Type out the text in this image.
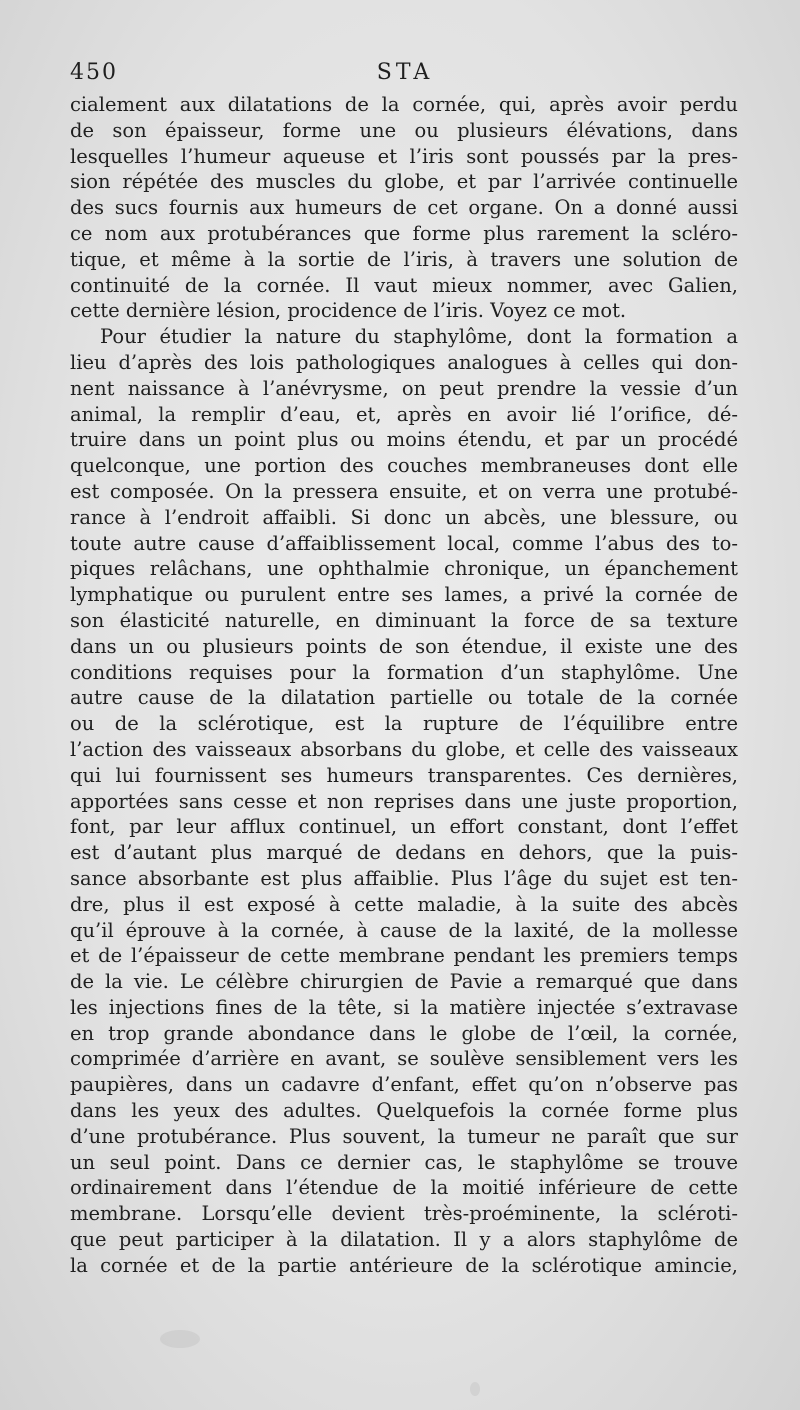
450	STA
cialement aux dilatations de la cornée, qui, après avoir perdu
de son épaisseur, forme une ou plusieurs élévations, dans
lesquelles l’humeur aqueuse et l’iris sont poussés par la pres-
sion répétée des muscles du globe, et par l’arrivée continuelle
des sucs fournis aux humeurs de cet organe. On a donné aussi
ce nom aux protubérances que forme plus rarement la scléro-
tique, et même à la sortie de l’iris, à travers une solution de
continuité de la cornée. Il vaut mieux nommer, avec Galien,
cette dernière lésion, procidence de l’iris. Voyez ce mot.
Pour étudier la nature du staphylôme, dont la formation a
lieu d’après des lois pathologiques analogues à celles qui don-
nent naissance à l’anévrysme, on peut prendre la vessie d’un
animal, la remplir d’eau, et, après en avoir lié l’orifice, dé-
truire dans un point plus ou moins étendu, et par un procédé
quelconque, une portion des couches membraneuses dont elle
est composée. On la pressera ensuite, et on verra une protubé-
rance à l’endroit affaibli. Si donc un abcès, une blessure, ou
toute autre cause d’affaiblissement local, comme l’abus des to-
piques relâchans, une ophthalmie chronique, un épanchement
lymphatique ou purulent entre ses lames, a privé la cornée de
son élasticité naturelle, en diminuant la force de sa texture
dans un ou plusieurs points de son étendue, il existe une des
conditions requises pour la formation d’un staphylôme. Une
autre cause de la dilatation partielle ou totale de la cornée
ou de la sclérotique, est la rupture de l’équilibre entre
l’action des vaisseaux absorbans du globe, et celle des vaisseaux
qui lui fournissent ses humeurs transparentes. Ces dernières,
apportées sans cesse et non reprises dans une juste proportion,
font, par leur afflux continuel, un effort constant, dont l’effet
est d’autant plus marqué de dedans en dehors, que la puis-
sance absorbante est plus affaiblie. Plus l’âge du sujet est ten-
dre, plus il est exposé à cette maladie, à la suite des abcès
qu’il éprouve à la cornée, à cause de la laxité, de la mollesse
et de l’épaisseur de cette membrane pendant les premiers temps
de la vie. Le célèbre chirurgien de Pavie a remarqué que dans
les injections fines de la tête, si la matière injectée s’extravase
en trop grande abondance dans le globe de l’œil, la cornée,
comprimée d’arrière en avant, se soulève sensiblement vers les
paupières, dans un cadavre d’enfant, effet qu’on n’observe pas
dans les yeux des adultes. Quelquefois la cornée forme plus
d’une protubérance. Plus souvent, la tumeur ne paraît que sur
un seul point. Dans ce dernier cas, le staphylôme se trouve
ordinairement dans l’étendue de la moitié inférieure de cette
membrane. Lorsqu’elle devient très-proéminente, la scléroti-
que peut participer à la dilatation. Il y a alors staphylôme de
la cornée et de la partie antérieure de la sclérotique amincie,
